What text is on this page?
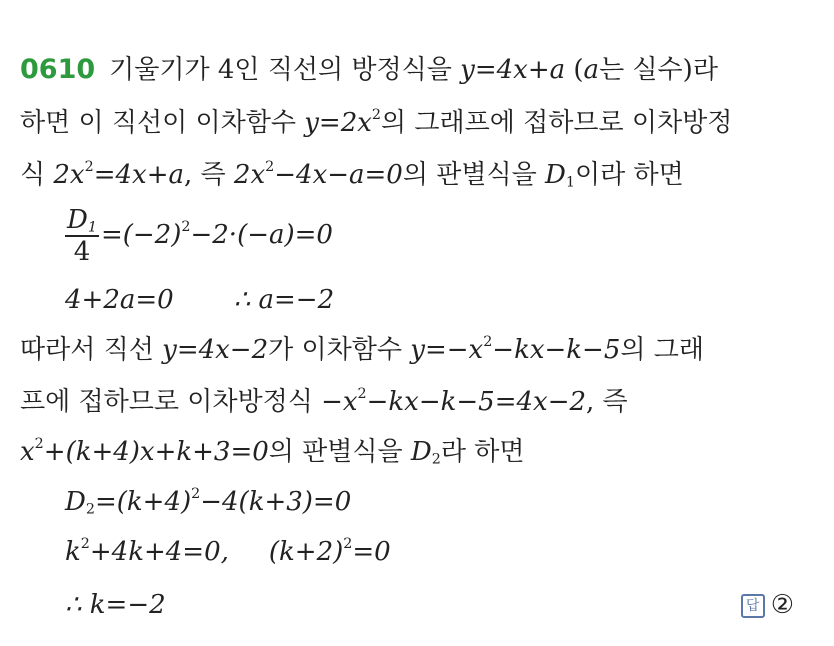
0610 기울기가 4인 직선의 방정식을 y=4x+a (a는 실수)라
하면 이 직선이 이차함수 $y=2x^2$의 그래프에 접하므로 이차방정
식 $2x^2=4x+a$, 즉 $2x^2-4x-a=0$의 판별식을 $D_1$이라 하면
$\frac{D_1}{4} =(-2)^2-2\cdot(-a)=0$
4+2a=0 ∴ a=−2
따라서 직선 y=4x−2가 이차함수 $y=-x^2-kx-k-5$의 그래
프에 접하므로 이차방정식 $-x^2-kx-k-5=4x-2$, 즉
$x^2+(k+4)x+k+3=0$의 판별식을 $D_2$라 하면
$D_2=(k+4)^2-4(k+3)=0$
$k^2+4k+4=0$, $(k+2)^2=0$
∴ k=−2	답 ②
